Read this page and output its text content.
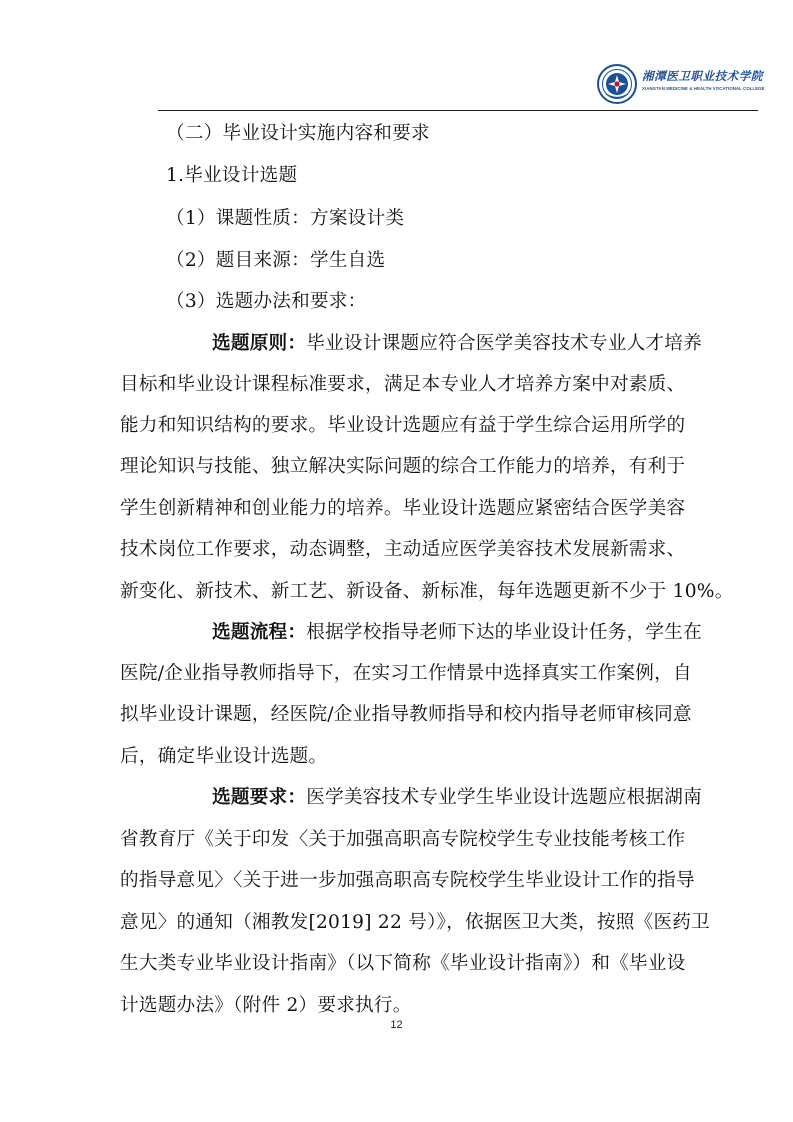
湘潭医卫职业技术学院
XIANGTAN MEDICINE & HEALTH VOCATIONAL COLLEGE
（二）毕业设计实施内容和要求
1.毕业设计选题
（1）课题性质：方案设计类
（2）题目来源：学生自选
（3）选题办法和要求：
选题原则：毕业设计课题应符合医学美容技术专业人才培养
目标和毕业设计课程标准要求，满足本专业人才培养方案中对素质、
能力和知识结构的要求。毕业设计选题应有益于学生综合运用所学的
理论知识与技能、独立解决实际问题的综合工作能力的培养，有利于
学生创新精神和创业能力的培养。毕业设计选题应紧密结合医学美容
技术岗位工作要求，动态调整，主动适应医学美容技术发展新需求、
新变化、新技术、新工艺、新设备、新标准，每年选题更新不少于 10%。
选题流程：根据学校指导老师下达的毕业设计任务，学生在
医院/企业指导教师指导下，在实习工作情景中选择真实工作案例，自
拟毕业设计课题，经医院/企业指导教师指导和校内指导老师审核同意
后，确定毕业设计选题。
选题要求：医学美容技术专业学生毕业设计选题应根据湖南
省教育厅《关于印发〈关于加强高职高专院校学生专业技能考核工作
的指导意见〉〈关于进一步加强高职高专院校学生毕业设计工作的指导
意见〉的通知（湘教发[2019] 22 号）》，依据医卫大类，按照《医药卫
生大类专业毕业设计指南》（以下简称《毕业设计指南》）和《毕业设
计选题办法》（附件 2）要求执行。
12
